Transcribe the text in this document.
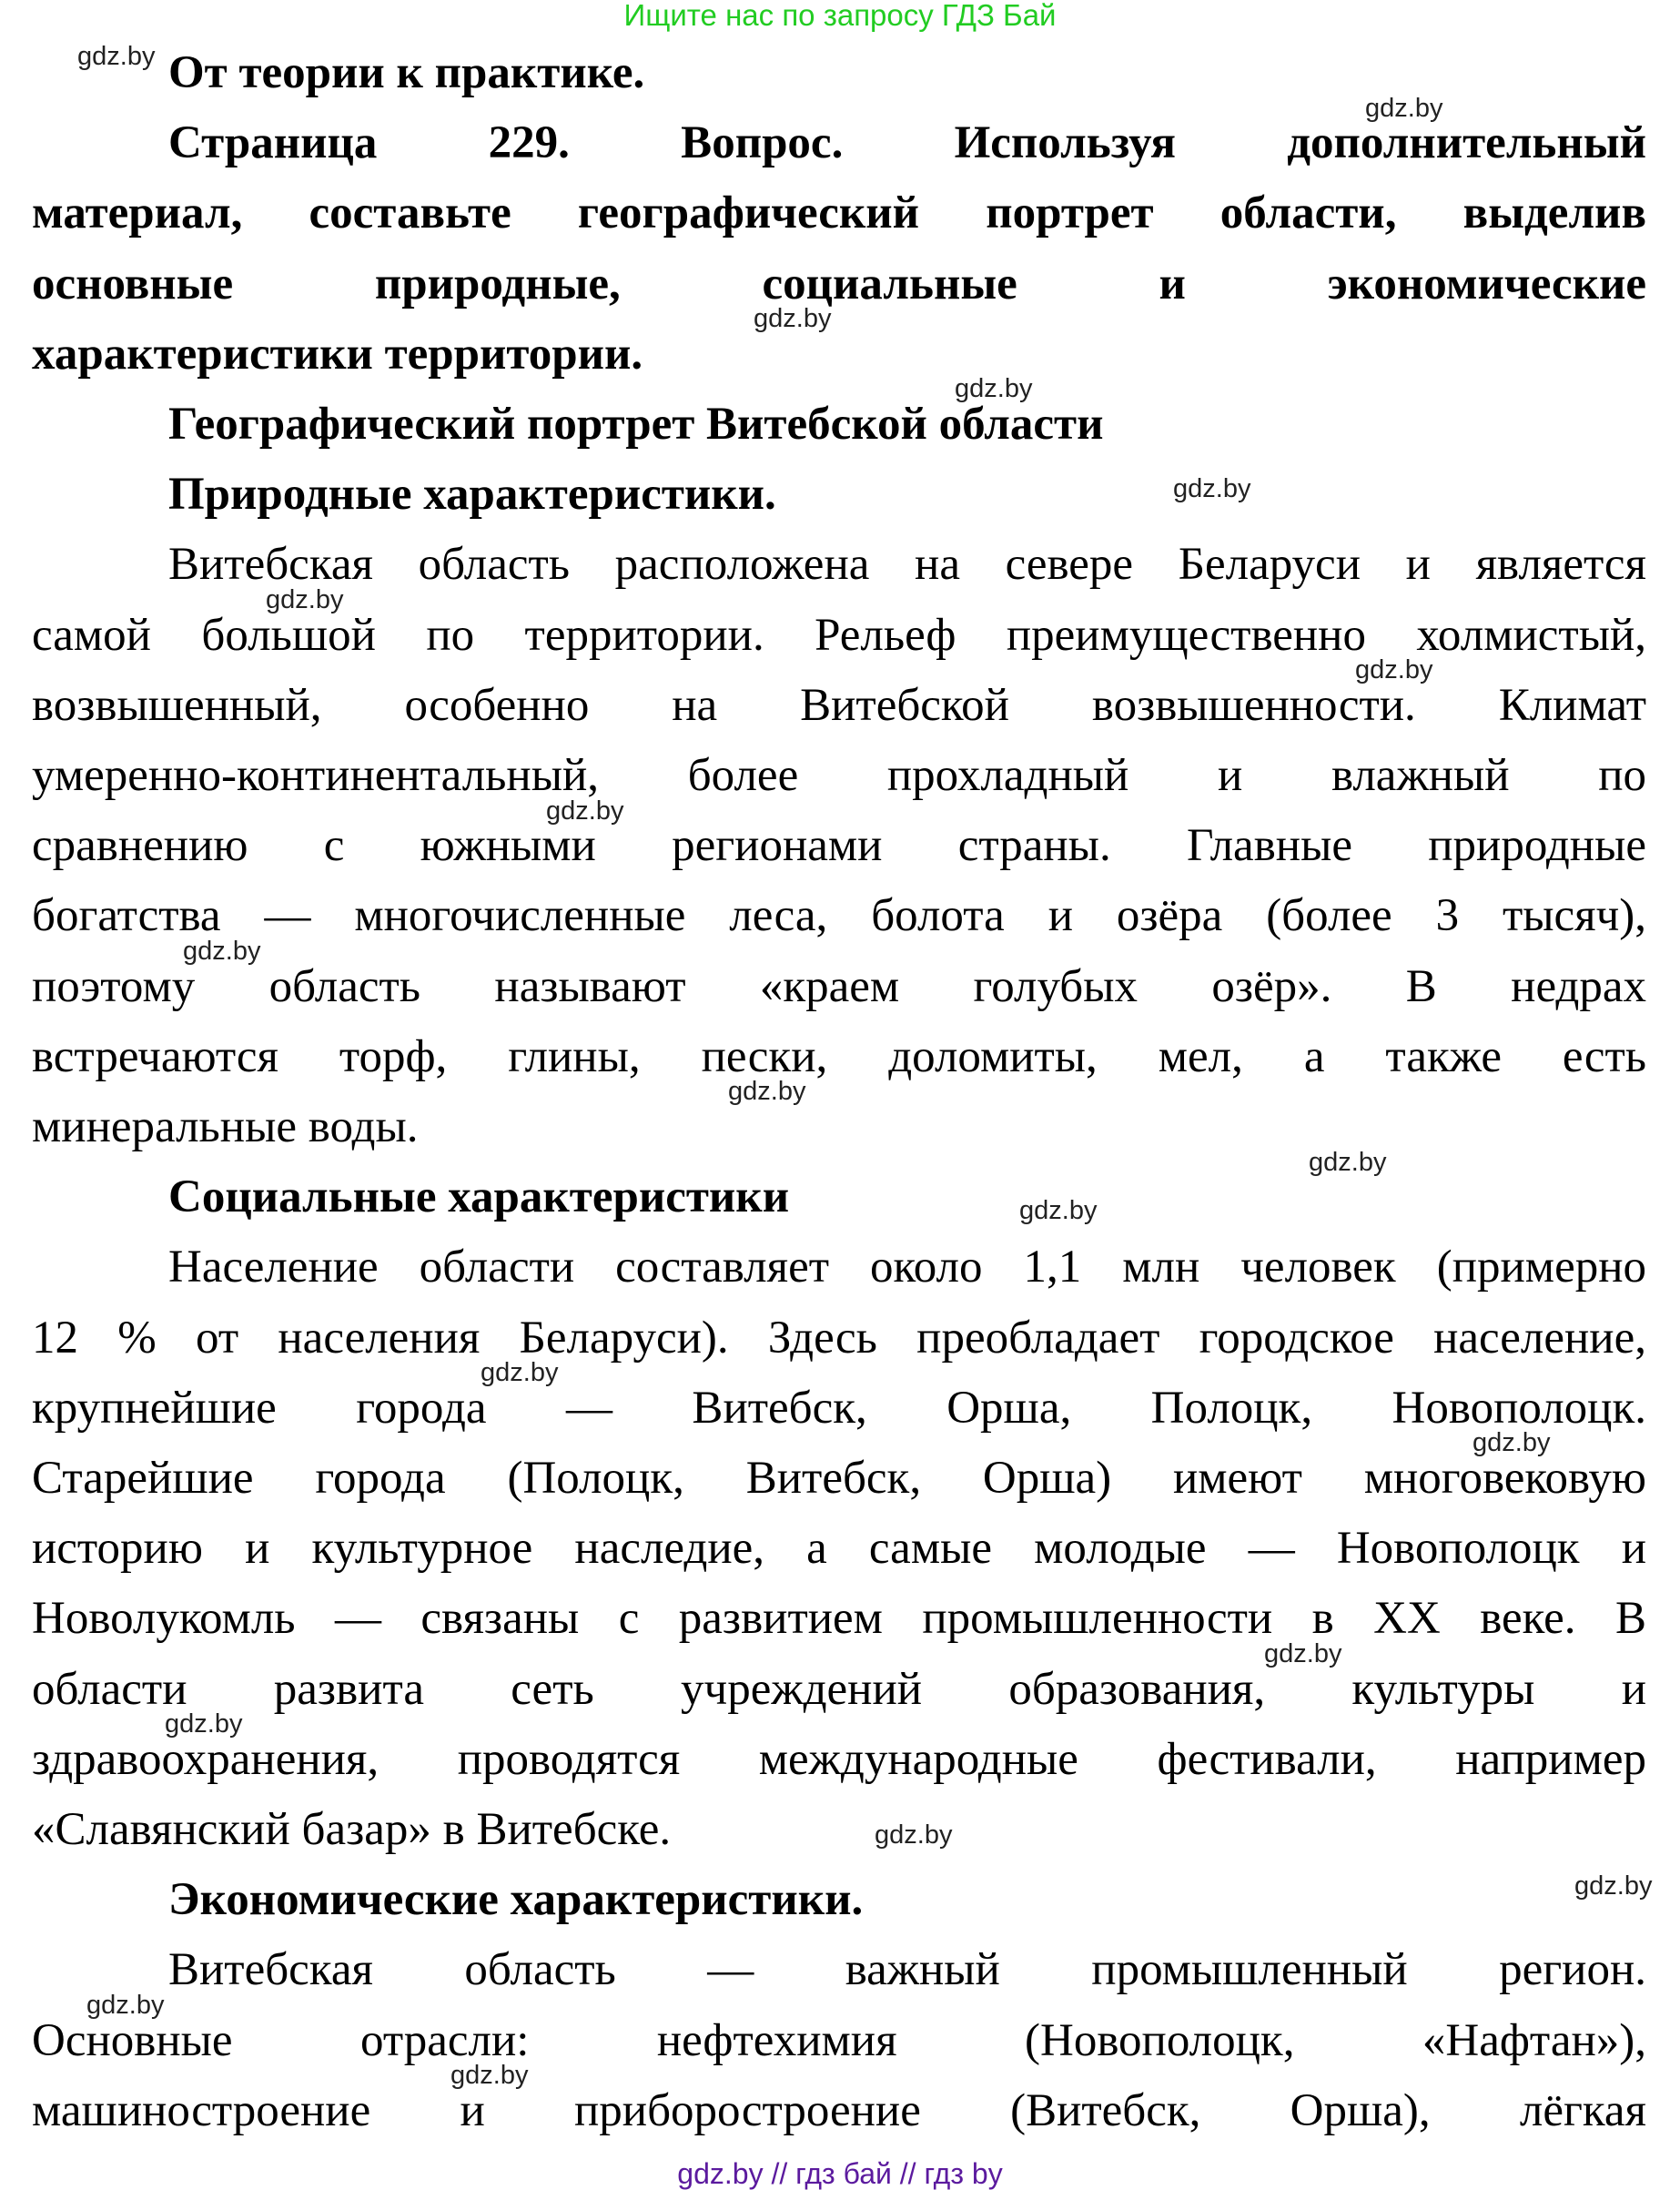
Ищите нас по запросу ГДЗ Бай
От теории к практике.
Страница 229. Вопрос. Используя дополнительный
материал, составьте географический портрет области, выделив
основные природные, социальные и экономические
характеристики территории.
Географический портрет Витебской области
Природные характеристики.
Витебская область расположена на севере Беларуси и является
самой большой по территории. Рельеф преимущественно холмистый,
возвышенный, особенно на Витебской возвышенности. Климат
умеренно-континентальный, более прохладный и влажный по
сравнению с южными регионами страны. Главные природные
богатства — многочисленные леса, болота и озёра (более 3 тысяч),
поэтому область называют «краем голубых озёр». В недрах
встречаются торф, глины, пески, доломиты, мел, а также есть
минеральные воды.
Социальные характеристики
Население области составляет около 1,1 млн человек (примерно
12 % от населения Беларуси). Здесь преобладает городское население,
крупнейшие города — Витебск, Орша, Полоцк, Новополоцк.
Старейшие города (Полоцк, Витебск, Орша) имеют многовековую
историю и культурное наследие, а самые молодые — Новополоцк и
Новолукомль — связаны с развитием промышленности в XX веке. В
области развита сеть учреждений образования, культуры и
здравоохранения, проводятся международные фестивали, например
«Славянский базар» в Витебске.
Экономические характеристики.
Витебская область — важный промышленный регион.
Основные отрасли: нефтехимия (Новополоцк, «Нафтан»),
машиностроение и приборостроение (Витебск, Орша), лёгкая
gdz.by
gdz.by
gdz.by
gdz.by
gdz.by
gdz.by
gdz.by
gdz.by
gdz.by
gdz.by
gdz.by
gdz.by
gdz.by
gdz.by
gdz.by
gdz.by
gdz.by
gdz.by
gdz.by
gdz.by
gdz.by // гдз бай // гдз by
